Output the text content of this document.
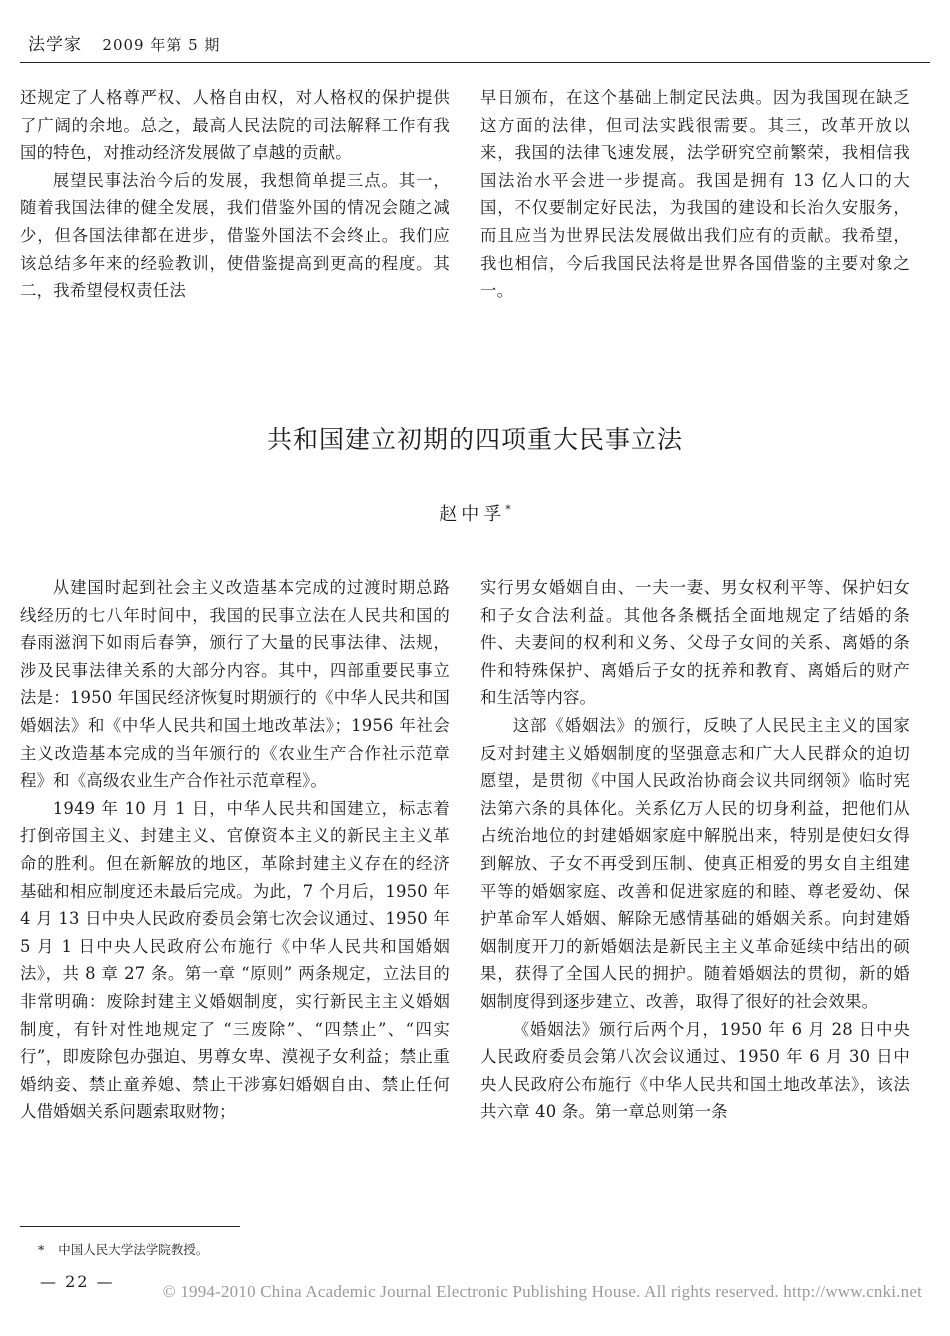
法学家 2009 年第 5 期

还规定了人格尊严权、人格自由权，对人格权的保护提供了广阔的余地。总之，最高人民法院的司法解释工作有我国的特色，对推动经济发展做了卓越的贡献。

展望民事法治今后的发展，我想简单提三点。其一，随着我国法律的健全发展，我们借鉴外国的情况会随之减少，但各国法律都在进步，借鉴外国法不会终止。我们应该总结多年来的经验教训，使借鉴提高到更高的程度。其二，我希望侵权责任法

早日颁布，在这个基础上制定民法典。因为我国现在缺乏这方面的法律，但司法实践很需要。其三，改革开放以来，我国的法律飞速发展，法学研究空前繁荣，我相信我国法治水平会进一步提高。我国是拥有 13 亿人口的大国，不仅要制定好民法，为我国的建设和长治久安服务，而且应当为世界民法发展做出我们应有的贡献。我希望，我也相信，今后我国民法将是世界各国借鉴的主要对象之一。

共和国建立初期的四项重大民事立法
赵中孚*

从建国时起到社会主义改造基本完成的过渡时期总路线经历的七八年时间中，我国的民事立法在人民共和国的春雨滋润下如雨后春笋，颁行了大量的民事法律、法规，涉及民事法律关系的大部分内容。其中，四部重要民事立法是：1950 年国民经济恢复时期颁行的《中华人民共和国婚姻法》和《中华人民共和国土地改革法》；1956 年社会主义改造基本完成的当年颁行的《农业生产合作社示范章程》和《高级农业生产合作社示范章程》。

1949 年 10 月 1 日，中华人民共和国建立，标志着打倒帝国主义、封建主义、官僚资本主义的新民主主义革命的胜利。但在新解放的地区，革除封建主义存在的经济基础和相应制度还未最后完成。为此，7 个月后，1950 年 4 月 13 日中央人民政府委员会第七次会议通过、1950 年 5 月 1 日中央人民政府公布施行《中华人民共和国婚姻法》，共 8 章 27 条。第一章 “原则” 两条规定，立法目的非常明确：废除封建主义婚姻制度，实行新民主主义婚姻制度，有针对性地规定了 “三废除”、“四禁止”、“四实行”，即废除包办强迫、男尊女卑、漠视子女利益；禁止重婚纳妾、禁止童养媳、禁止干涉寡妇婚姻自由、禁止任何人借婚姻关系问题索取财物；

实行男女婚姻自由、一夫一妻、男女权利平等、保护妇女和子女合法利益。其他各条概括全面地规定了结婚的条件、夫妻间的权利和义务、父母子女间的关系、离婚的条件和特殊保护、离婚后子女的抚养和教育、离婚后的财产和生活等内容。

这部《婚姻法》的颁行，反映了人民民主主义的国家反对封建主义婚姻制度的坚强意志和广大人民群众的迫切愿望，是贯彻《中国人民政治协商会议共同纲领》临时宪法第六条的具体化。关系亿万人民的切身利益，把他们从占统治地位的封建婚姻家庭中解脱出来，特别是使妇女得到解放、子女不再受到压制、使真正相爱的男女自主组建平等的婚姻家庭、改善和促进家庭的和睦、尊老爱幼、保护革命军人婚姻、解除无感情基础的婚姻关系。向封建婚姻制度开刀的新婚姻法是新民主主义革命延续中结出的硕果，获得了全国人民的拥护。随着婚姻法的贯彻，新的婚姻制度得到逐步建立、改善，取得了很好的社会效果。

《婚姻法》颁行后两个月，1950 年 6 月 28 日中央人民政府委员会第八次会议通过、1950 年 6 月 30 日中央人民政府公布施行《中华人民共和国土地改革法》，该法共六章 40 条。第一章总则第一条

* 中国人民大学法学院教授。
— 22 —
© 1994-2010 China Academic Journal Electronic Publishing House. All rights reserved. http://www.cnki.net
